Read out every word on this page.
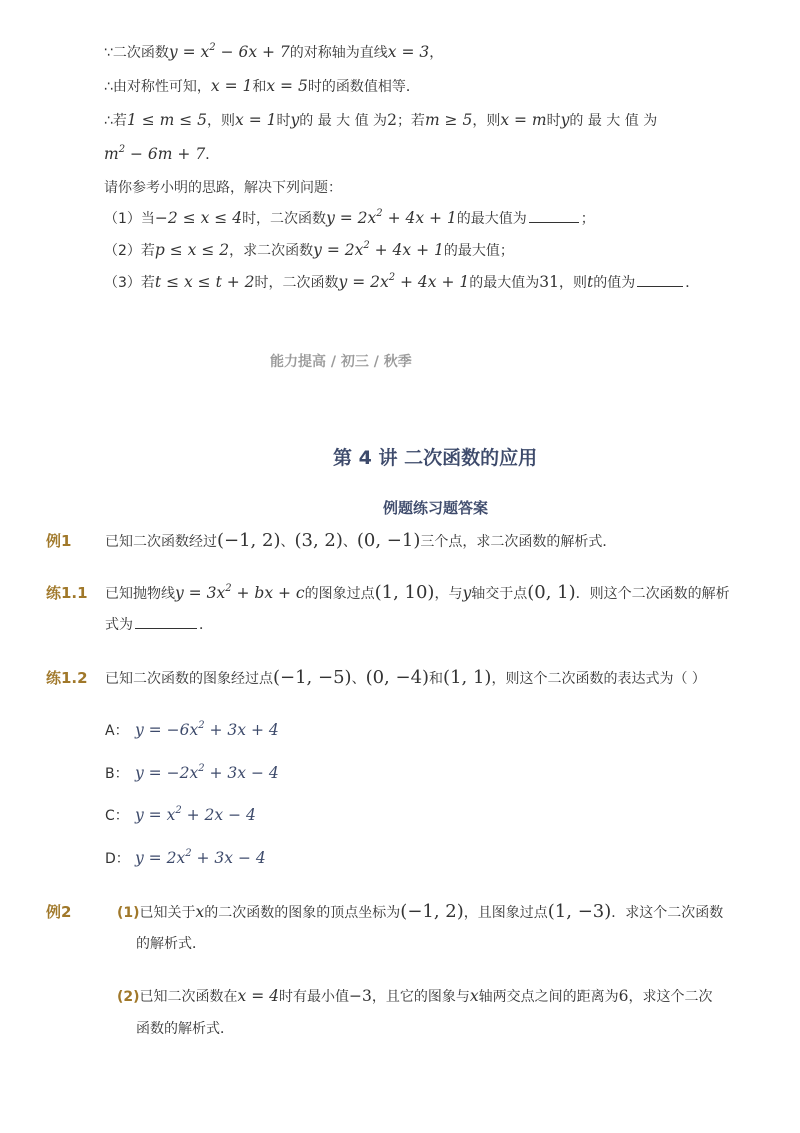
∵二次函数 $y = x^2 - 6x + 7$ 的对称轴为直线 x = 3 ，
∴由对称性可知， x = 1 和 x = 5 时的函数值相等．
∴若 1 ≤ m ≤ 5 ，则 x = 1 时 y 的 最 大 值 为 2 ；若 m ≥ 5 ，则 x = m 时 y 的 最 大 值 为
$m^2 - 6m + 7$ ．
请你参考小明的思路，解决下列问题：
（1）当 −2 ≤ x ≤ 4 时，二次函数 $y = 2x^2 + 4x + 1$ 的最大值为	；
（2）若 p ≤ x ≤ 2 ，求二次函数 $y = 2x^2 + 4x + 1$ 的最大值；
（3）若 t ≤ x ≤ t + 2 时，二次函数 $y = 2x^2 + 4x + 1$ 的最大值为 31 ，则 t 的值为	．
能力提高 / 初三 / 秋季
第 4 讲 二次函数的应用
例题练习题答案
例1 已知二次函数经过 (−1, 2) 、 (3, 2) 、 (0, −1) 三个点，求二次函数的解析式．
练1.1 已知抛物线 $y = 3x^2$ + bx + c 的图象过点 (1, 10) ，与 y 轴交于点 (0, 1) ．则这个二次函数的解析
式为	．
练1.2 已知二次函数的图象经过点 (−1, −5) 、 (0, −4) 和 (1, 1) ，则这个二次函数的表达式为（ ）
A： $y = -6x^2 + 3x + 4$
B： $y = -2x^2 + 3x - 4$
C： $y = x^2 + 2x - 4$
D： $y = 2x^2 + 3x - 4$
例2	(1) 已知关于 x 的二次函数的图象的顶点坐标为 (−1, 2) ，且图象过点 (1, −3) ．求这个二次函数
的解析式．
(2) 已知二次函数在 x = 4 时有最小值 −3 ，且它的图象与 x 轴两交点之间的距离为 6 ，求这个二次
函数的解析式．
